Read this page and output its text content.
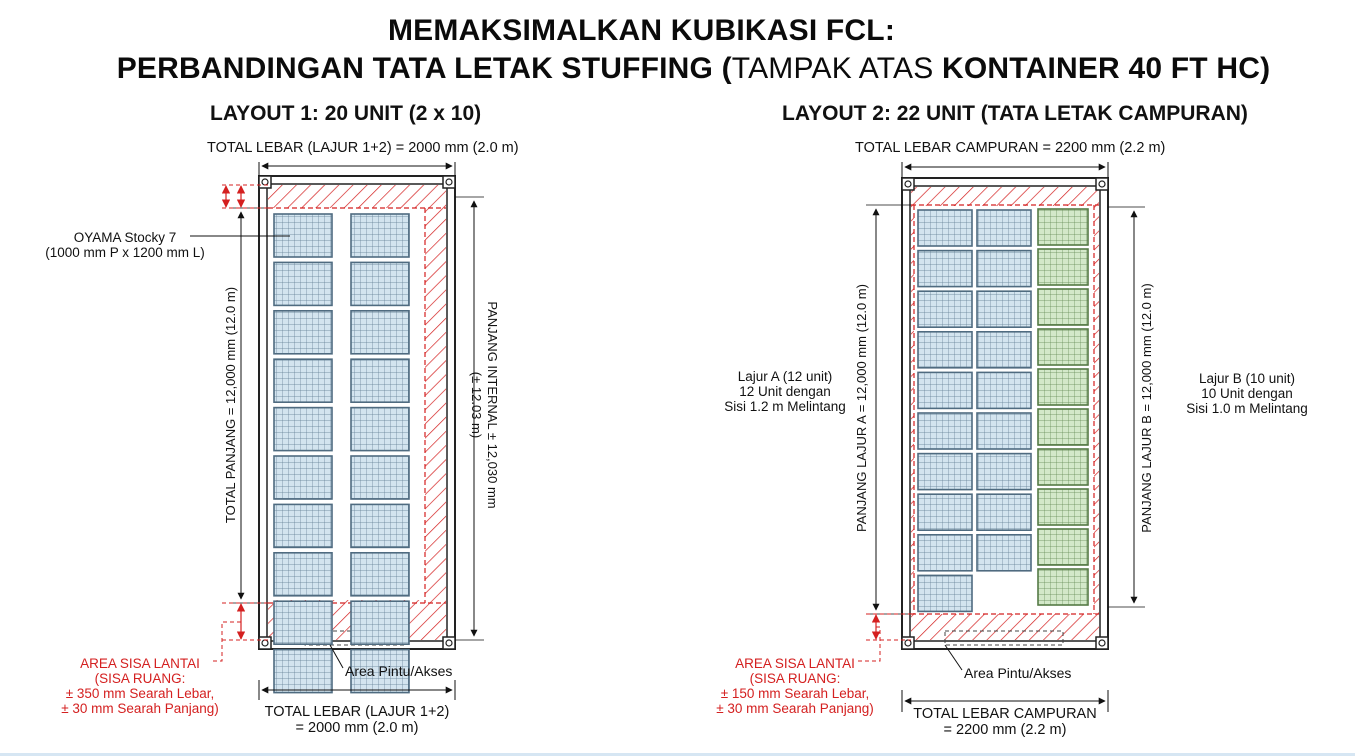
MEMAKSIMALKAN KUBIKASI FCL:
PERBANDINGAN TATA LETAK STUFFING (TAMPAK ATAS KONTAINER 40 FT HC)
LAYOUT 1: 20 UNIT (2 x 10)	LAYOUT 2: 22 UNIT (TATA LETAK CAMPURAN)
TOTAL LEBAR (LAJUR 1+2) = 2000 mm (2.0 m)
OYAMA Stocky 7
(1000 mm P x 1200 mm L)
TOTAL PANJANG = 12,000 mm (12.0 m)	PANJANG INTERNAL ± 12,030 mm
(± 12.03 m)
AREA SISA LANTAI
(SISA RUANG:
± 350 mm Searah Lebar,
± 30 mm Searah Panjang)
Area Pintu/Akses
TOTAL LEBAR (LAJUR 1+2)
= 2000 mm (2.0 m)
TOTAL LEBAR CAMPURAN = 2200 mm (2.2 m)
Lajur A (12 unit)
12 Unit dengan
Sisi 1.2 m Melintang
Lajur B (10 unit)
10 Unit dengan
Sisi 1.0 m Melintang
PANJANG LAJUR A = 12,000 mm (12.0 m)	PANJANG LAJUR B = 12,000 mm (12.0 m)
AREA SISA LANTAI
(SISA RUANG:
± 150 mm Searah Lebar,
± 30 mm Searah Panjang)
Area Pintu/Akses
TOTAL LEBAR CAMPURAN
= 2200 mm (2.2 m)
